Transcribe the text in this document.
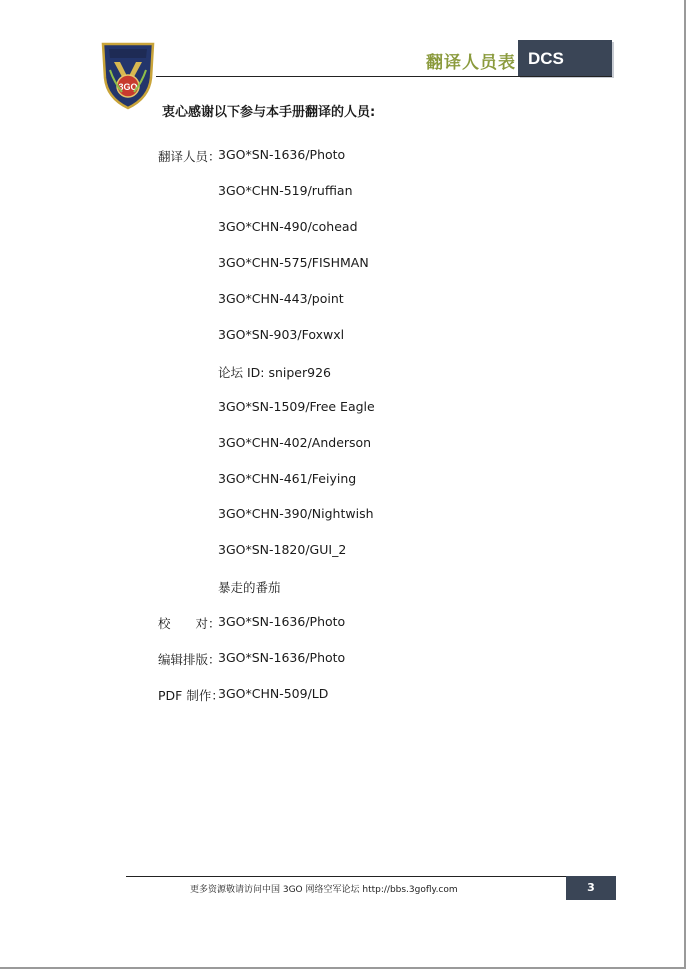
3GO
翻译人员表 DCS
衷心感谢以下参与本手册翻译的人员:
翻译人员：
3GO*SN-1636/Photo
3GO*CHN-519/ruffian
3GO*CHN-490/cohead
3GO*CHN-575/FISHMAN
3GO*CHN-443/point
3GO*SN-903/Foxwxl
论坛 ID: sniper926
3GO*SN-1509/Free Eagle
3GO*CHN-402/Anderson
3GO*CHN-461/Feiying
3GO*CHN-390/Nightwish
3GO*SN-1820/GUI_2
暴走的番茄
校　　对：
3GO*SN-1636/Photo
编辑排版：
3GO*SN-1636/Photo
PDF 制作：
3GO*CHN-509/LD
更多资源敬请访问中国 3GO 网络空军论坛 http://bbs.3gofly.com	3
